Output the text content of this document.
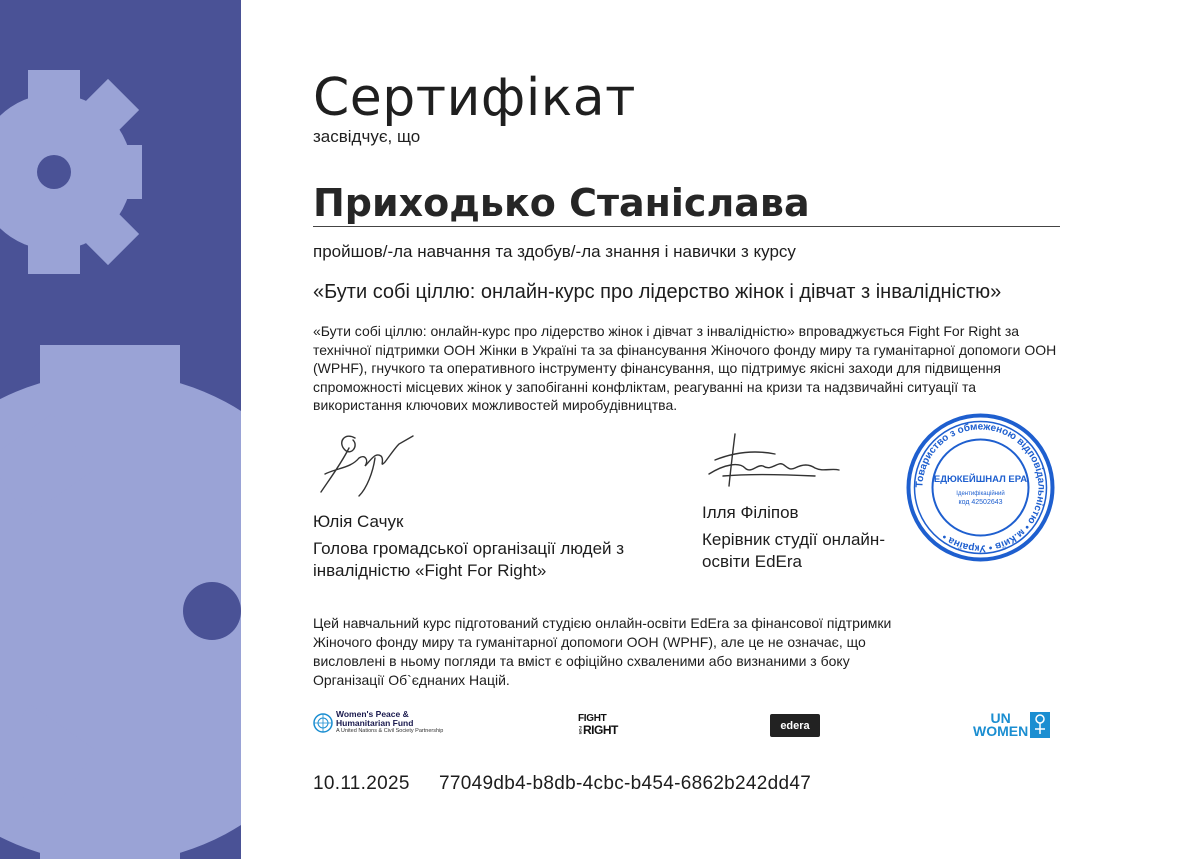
Сертифікат

засвідчує, що

Приходько Станіслава

пройшов/-ла навчання та здобув/-ла знання і навички з курсу

«Бути собі ціллю: онлайн-курс про лідерство жінок і дівчат з інвалідністю»

«Бути собі ціллю: онлайн-курс про лідерство жінок і дівчат з інвалідністю» впроваджується Fight For Right за технічної підтримки ООН Жінки в Україні та за фінансування Жіночого фонду миру та гуманітарної допомоги ООН (WPHF), гнучкого та оперативного інструменту фінансування, що підтримує якісні заходи для підвищення спроможності місцевих жінок у запобіганні конфліктам, реагуванні на кризи та надзвичайні ситуації та використання ключових можливостей миробудівництва.

Юлія Сачук

Голова громадської організації людей з інвалідністю «Fight For Right»

Ілля Філіпов

Керівник студії онлайн-освіти EdEra

Товариство з обмеженою відповідальністю • м.Київ • Україна •
ЕДЮКЕЙШНАЛ ЕРА
Ідентифікаційний
код 42502643

Цей навчальний курс підготований студією онлайн-освіти EdEra за фінансової підтримки Жіночого фонду миру та гуманітарної допомоги ООН (WPHF), але це не означає, що висловлені в ньому погляди та вміст є офіційно схваленими або визнаними з боку Організації Об`єднаних Націй.

Women's Peace &
Humanitarian Fund
A United Nations & Civil Society Partnership
FIGHT
FOR RIGHT	edera	UN
WOMEN

10.11.2025 77049db4-b8db-4cbc-b454-6862b242dd47
